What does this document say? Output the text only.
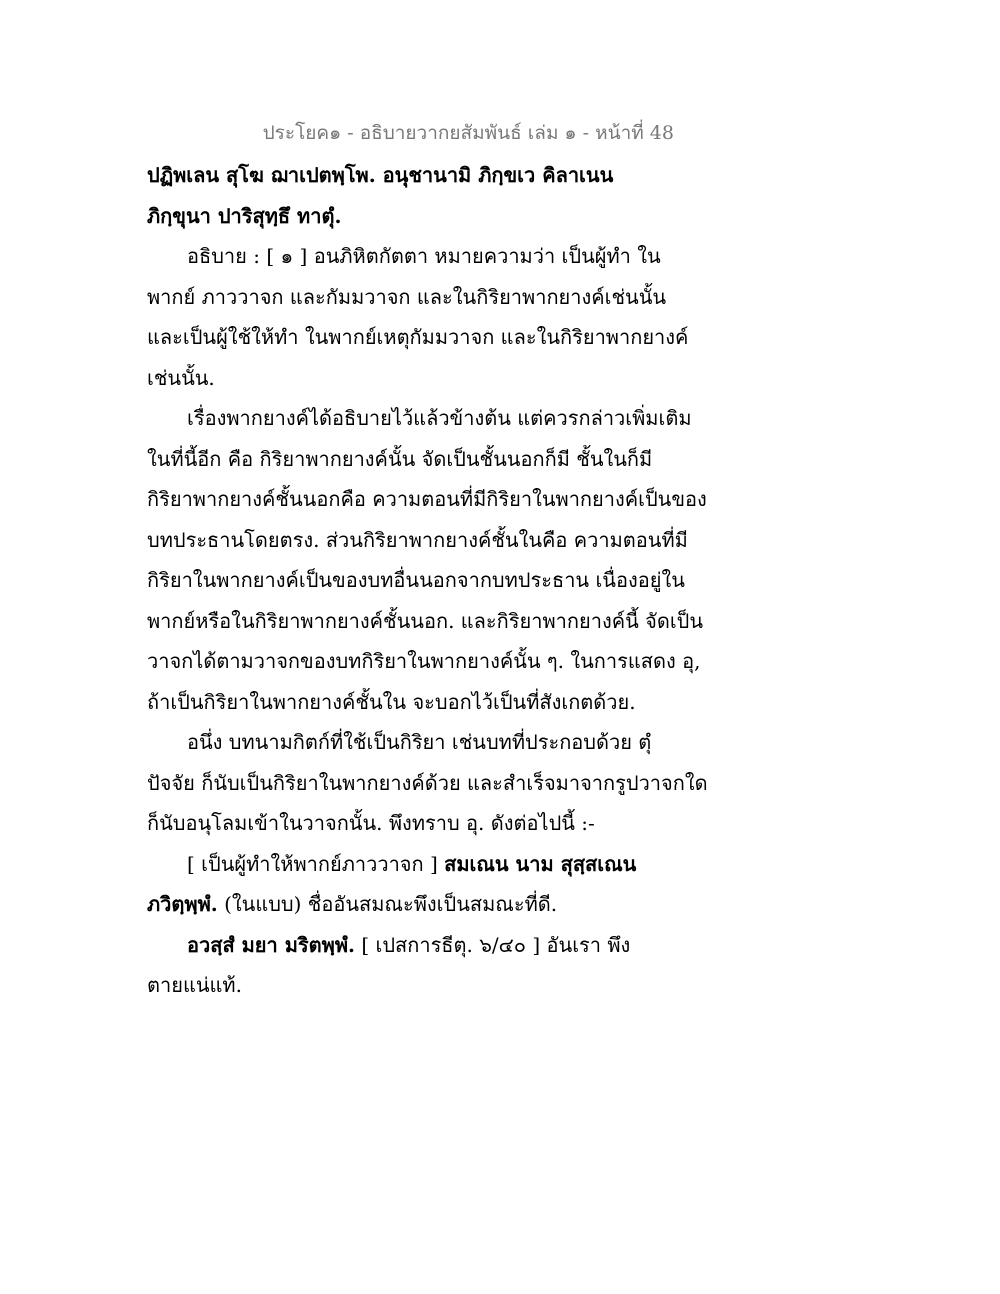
ประโยค๑ - อธิบายวากยสัมพันธ์ เล่ม ๑ - หน้าที่ 48
ปฏิพเลน สุโฆ ฌาเปตพฺโพ. อนุชานามิ ภิกฺขเว คิลาเนน
ภิกฺขุนา ปาริสุทฺธึ ทาตุํ.
อธิบาย : [ ๑ ] อนภิหิตกัตตา หมายความว่า เป็นผู้ทำ ใน
พากย์ ภาววาจก และกัมมวาจก และในกิริยาพากยางค์เช่นนั้น
และเป็นผู้ใช้ให้ทำ ในพากย์เหตุกัมมวาจก และในกิริยาพากยางค์
เช่นนั้น.
เรื่องพากยางค์ได้อธิบายไว้แล้วข้างต้น แต่ควรกล่าวเพิ่มเติม
ในที่นี้อีก คือ กิริยาพากยางค์นั้น จัดเป็นชั้นนอกก็มี ชั้นในก็มี
กิริยาพากยางค์ชั้นนอกคือ ความตอนที่มีกิริยาในพากยางค์เป็นของ
บทประธานโดยตรง. ส่วนกิริยาพากยางค์ชั้นในคือ ความตอนที่มี
กิริยาในพากยางค์เป็นของบทอื่นนอกจากบทประธาน เนื่องอยู่ใน
พากย์หรือในกิริยาพากยางค์ชั้นนอก. และกิริยาพากยางค์นี้ จัดเป็น
วาจกได้ตามวาจกของบทกิริยาในพากยางค์นั้น ๆ. ในการแสดง อุ,
ถ้าเป็นกิริยาในพากยางค์ชั้นใน จะบอกไว้เป็นที่สังเกตด้วย.
อนึ่ง บทนามกิตก์ที่ใช้เป็นกิริยา เช่นบทที่ประกอบด้วย ตุํ
ปัจจัย ก็นับเป็นกิริยาในพากยางค์ด้วย และสำเร็จมาจากรูปวาจกใด
ก็นับอนุโลมเข้าในวาจกนั้น. พึงทราบ อุ. ดังต่อไปนี้ :-
[ เป็นผู้ทำให้พากย์ภาววาจก ] สมเณน นาม สุสฺสเณน
ภวิตฺพฺพํ. (ในแบบ) ชื่ออันสมณะพึงเป็นสมณะที่ดี.
อวสฺสํ มยา มริตพฺพํ. [ เปสการธีตุ. ๖/๔๐ ] อันเรา พึง
ตายแน่แท้.
